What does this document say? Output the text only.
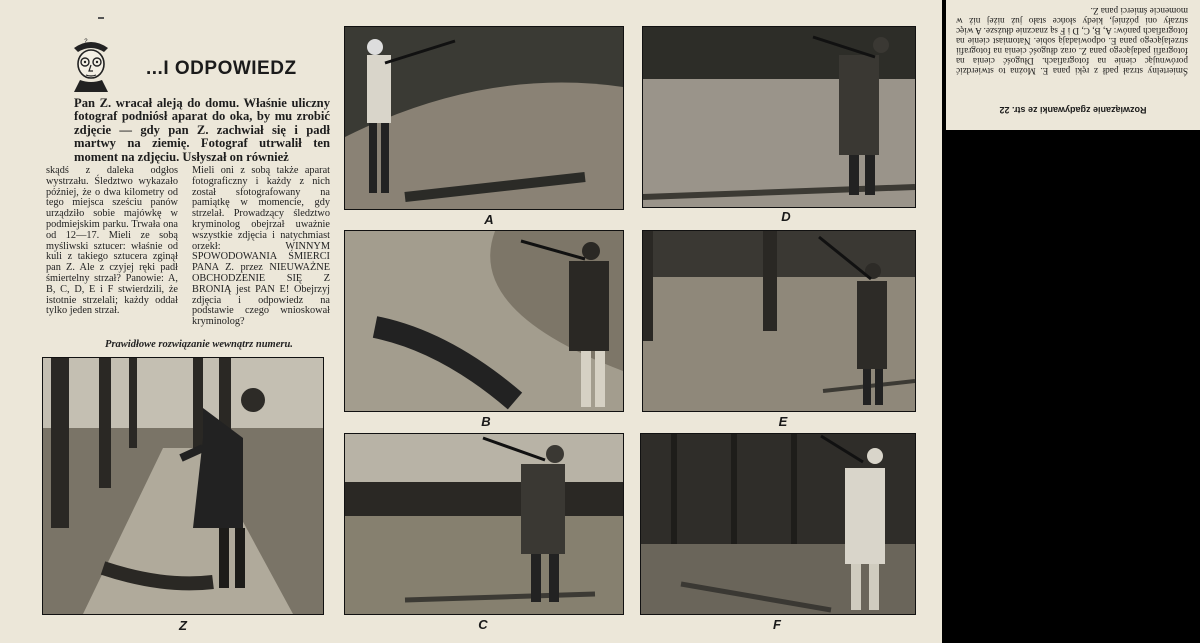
?
...I ODPOWIEDZ
Pan Z. wracał aleją do domu. Właśnie uliczny fotograf podniósł aparat do oka, by mu zrobić zdjęcie — gdy pan Z. zachwiał się i padł martwy na ziemię. Fotograf utrwalił ten moment na zdjęciu. Usłyszał on również
skądś z daleka odgłos wystrzału. Śledztwo wykazało później, że o dwa kilometry od tego miejsca sześciu panów urządziło sobie majówkę w podmiejskim parku. Trwała ona od 12—17. Mieli ze sobą myśliwski sztucer: właśnie od kuli z takiego sztucera zginął pan Z. Ale z czyjej ręki padł śmiertelny strzał? Panowie: A, B, C, D, E i F stwierdzili, że istotnie strzelali; każdy oddał tylko jeden strzał.
Mieli oni z sobą także aparat fotograficzny i każdy z nich został sfotografowany na pamiątkę w momencie, gdy strzelał. Prowadzący śledztwo kryminolog obejrzał uważnie wszystkie zdjęcia i natychmiast orzekł: WINNYM SPOWODOWANIA ŚMIERCI PANA Z. przez NIEUWAŻNE OBCHODZENIE SIĘ Z BRONIĄ jest PAN E! Obejrzyj zdjęcia i odpowiedz na podstawie czego wnioskował kryminolog?
Prawidłowe rozwiązanie wewnątrz numeru.
A	D
B	E
C	F
Z
Rozwiązanie zgadywanki ze str. 22
Śmiertelny strzał padł z ręki pana E. Można to stwierdzić porównując cienie na fotografiach. Długość cienia na fotografii padającego pana Z. oraz długość cienia na fotografii strzelającego pana E. odpowiadają sobie. Natomiast cienie na fotografiach panów: A, B, C, D i F są znacznie dłuższe. A więc strzały oni później, kiedy słońce stało już niżej niż w momencie śmierci pana Z.
